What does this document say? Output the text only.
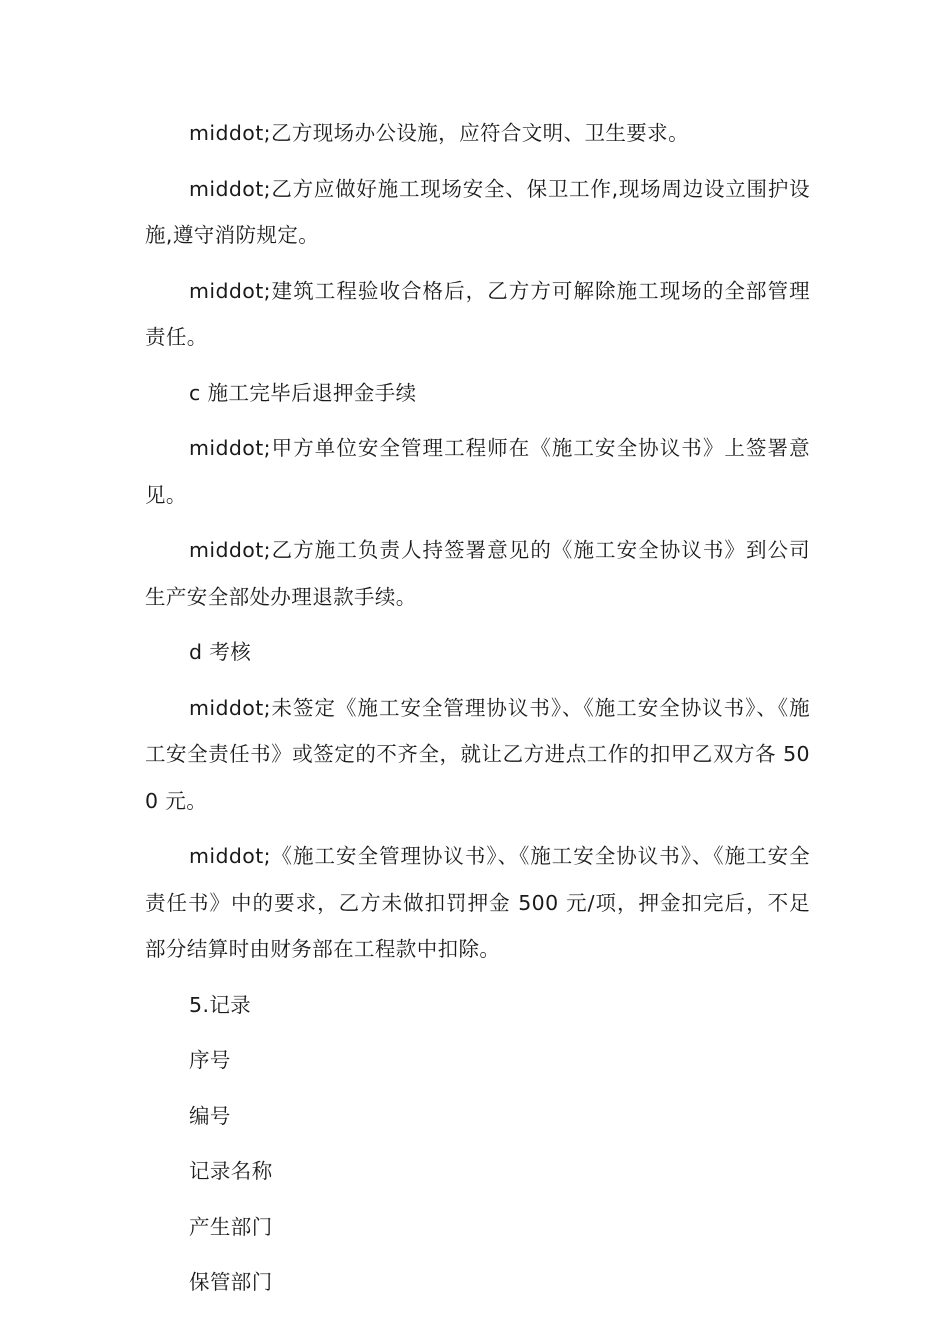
middot;乙方现场办公设施，应符合文明、卫生要求。

middot;乙方应做好施工现场安全、保卫工作,现场周边设立围护设施,遵守消防规定。

middot;建筑工程验收合格后，乙方方可解除施工现场的全部管理责任。

c 施工完毕后退押金手续

middot;甲方单位安全管理工程师在《施工安全协议书》上签署意见。

middot;乙方施工负责人持签署意见的《施工安全协议书》到公司生产安全部处办理退款手续。

d 考核

middot;未签定《施工安全管理协议书》、《施工安全协议书》、《施工安全责任书》或签定的不齐全，就让乙方进点工作的扣甲乙双方各 500 元。

middot;《施工安全管理协议书》、《施工安全协议书》、《施工安全责任书》中的要求，乙方未做扣罚押金 500 元/项，押金扣完后，不足部分结算时由财务部在工程款中扣除。

5.记录

序号

编号

记录名称

产生部门

保管部门
